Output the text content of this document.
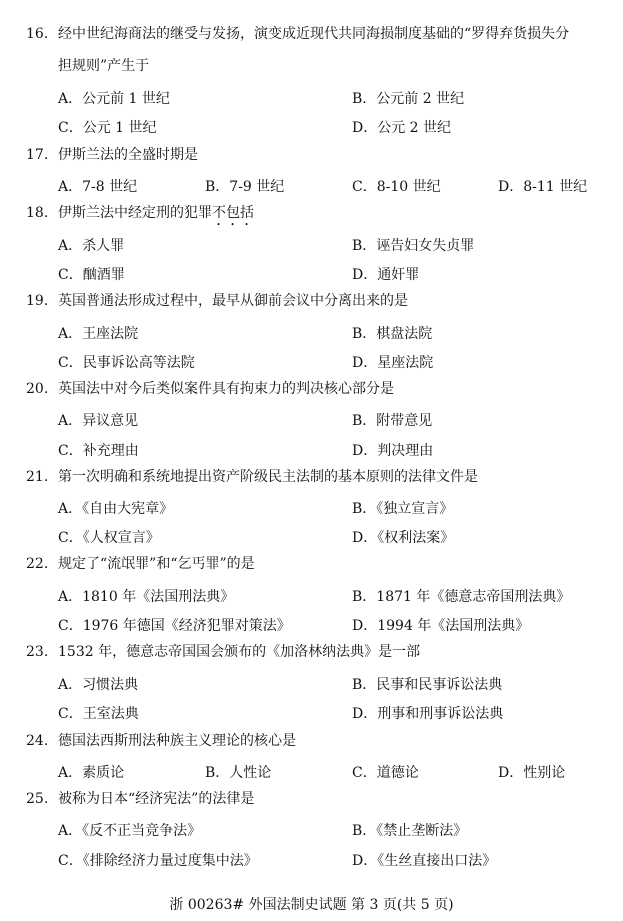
16. 经中世纪海商法的继受与发扬，演变成近现代共同海损制度基础的“罗得弃货损失分
担规则”产生于
A．公元前 1 世纪	B．公元前 2 世纪
C．公元 1 世纪	D．公元 2 世纪
17. 伊斯兰法的全盛时期是
A．7-8 世纪	B．7-9 世纪	C．8-10 世纪	D．8-11 世纪
18. 伊斯兰法中经定刑的犯罪不包括
A．杀人罪	B．诬告妇女失贞罪
C．酗酒罪	D．通奸罪
19. 英国普通法形成过程中，最早从御前会议中分离出来的是
A．王座法院	B．棋盘法院
C．民事诉讼高等法院	D．星座法院
20. 英国法中对今后类似案件具有拘束力的判决核心部分是
A．异议意见	B．附带意见
C．补充理由	D．判决理由
21. 第一次明确和系统地提出资产阶级民主法制的基本原则的法律文件是
A．《自由大宪章》	B．《独立宣言》
C．《人权宣言》	D．《权利法案》
22. 规定了“流氓罪”和“乞丐罪”的是
A．1810 年《法国刑法典》	B．1871 年《德意志帝国刑法典》
C．1976 年德国《经济犯罪对策法》	D．1994 年《法国刑法典》
23. 1532 年，德意志帝国国会颁布的《加洛林纳法典》是一部
A．习惯法典	B．民事和民事诉讼法典
C．王室法典	D．刑事和刑事诉讼法典
24. 德国法西斯刑法种族主义理论的核心是
A．素质论	B．人性论	C．道德论	D．性别论
25. 被称为日本“经济宪法”的法律是
A．《反不正当竞争法》	B．《禁止垄断法》
C．《排除经济力量过度集中法》	D．《生丝直接出口法》
浙 00263# 外国法制史试题 第 3 页(共 5 页)
